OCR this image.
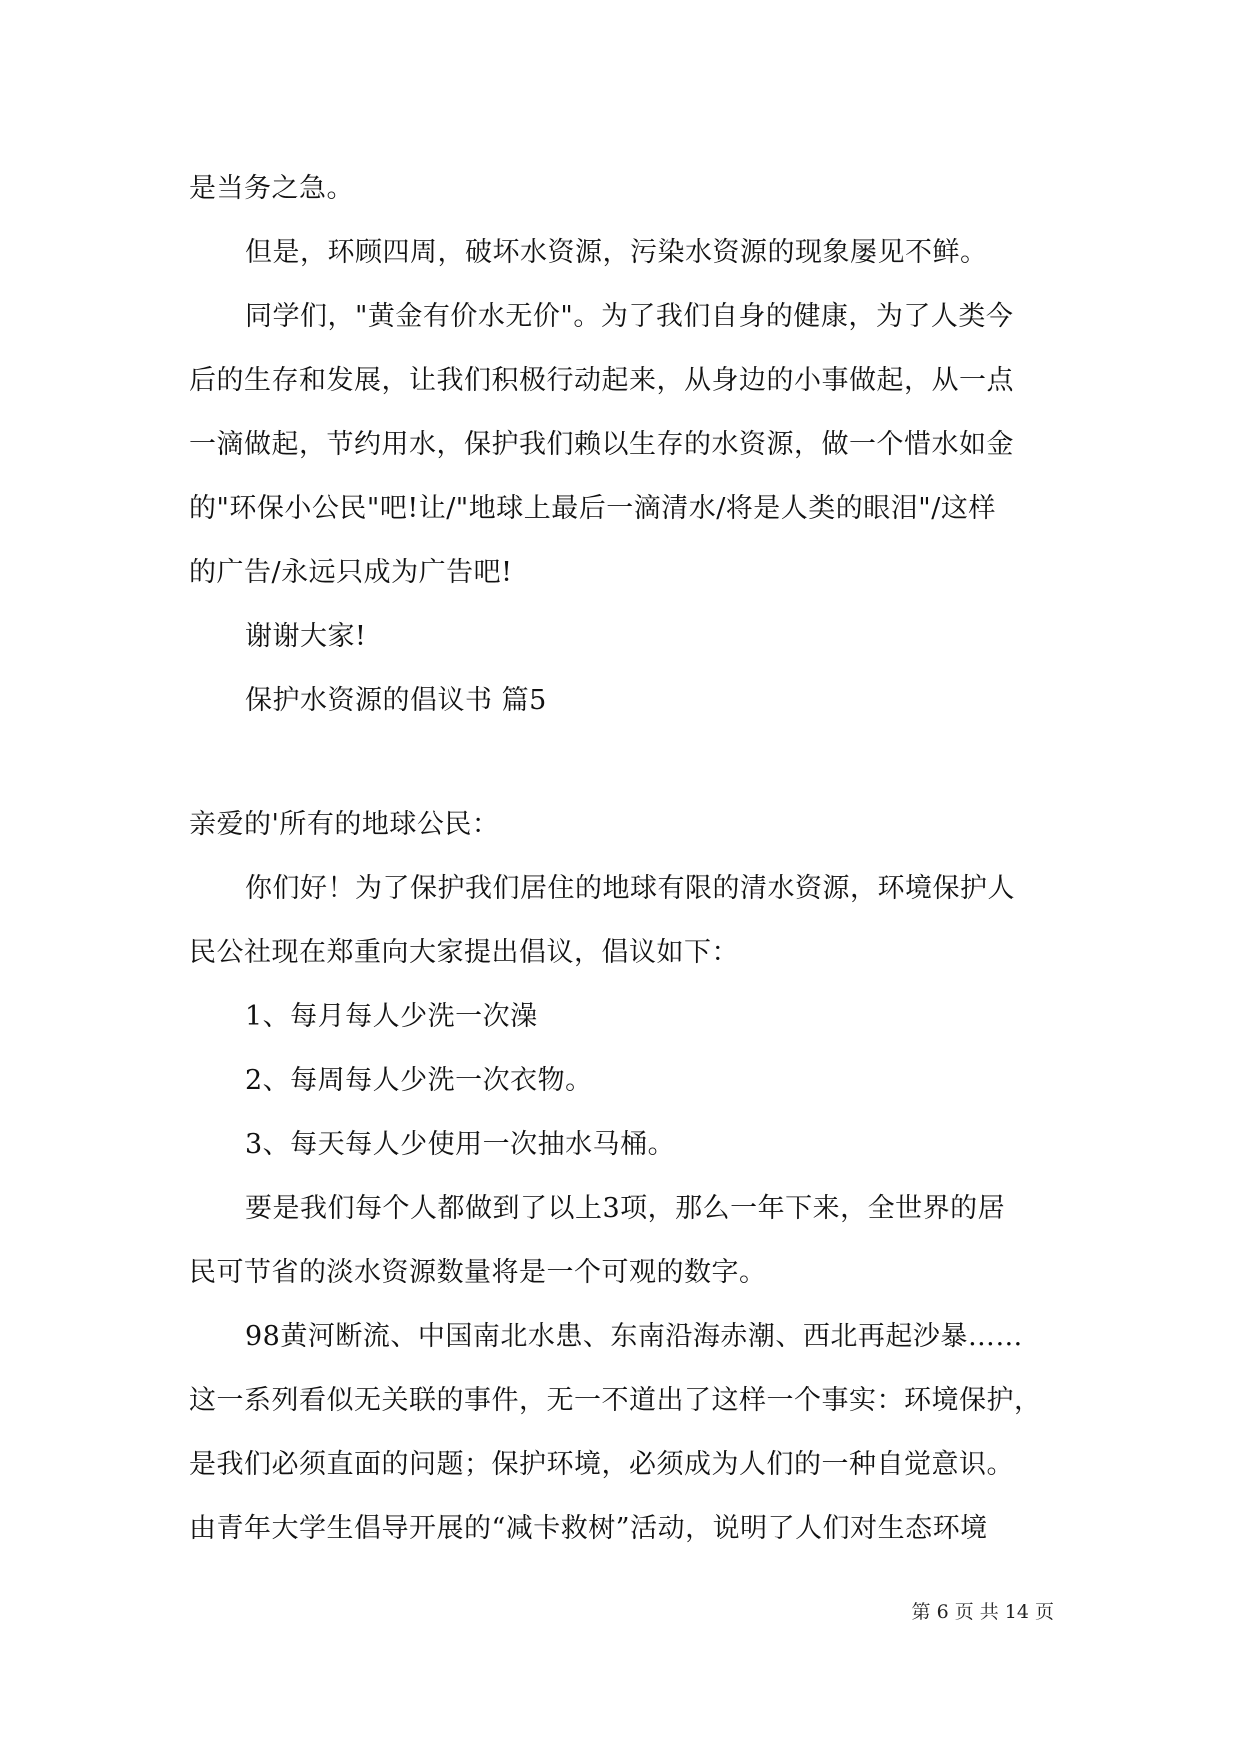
是当务之急。
但是，环顾四周，破坏水资源，污染水资源的现象屡见不鲜。
同学们，"黄金有价水无价"。为了我们自身的健康，为了人类今
后的生存和发展，让我们积极行动起来，从身边的小事做起，从一点
一滴做起，节约用水，保护我们赖以生存的水资源，做一个惜水如金
的"环保小公民"吧!让/"地球上最后一滴清水/将是人类的眼泪"/这样
的广告/永远只成为广告吧!
谢谢大家!
保护水资源的倡议书 篇5
亲爱的'所有的地球公民：
你们好！为了保护我们居住的地球有限的清水资源，环境保护人
民公社现在郑重向大家提出倡议，倡议如下：
1、每月每人少洗一次澡
2、每周每人少洗一次衣物。
3、每天每人少使用一次抽水马桶。
要是我们每个人都做到了以上3项，那么一年下来，全世界的居
民可节省的淡水资源数量将是一个可观的数字。
98黄河断流、中国南北水患、东南沿海赤潮、西北再起沙暴……
这一系列看似无关联的事件，无一不道出了这样一个事实：环境保护，
是我们必须直面的问题；保护环境，必须成为人们的一种自觉意识。
由青年大学生倡导开展的“减卡救树”活动，说明了人们对生态环境
第 6 页 共 14 页
